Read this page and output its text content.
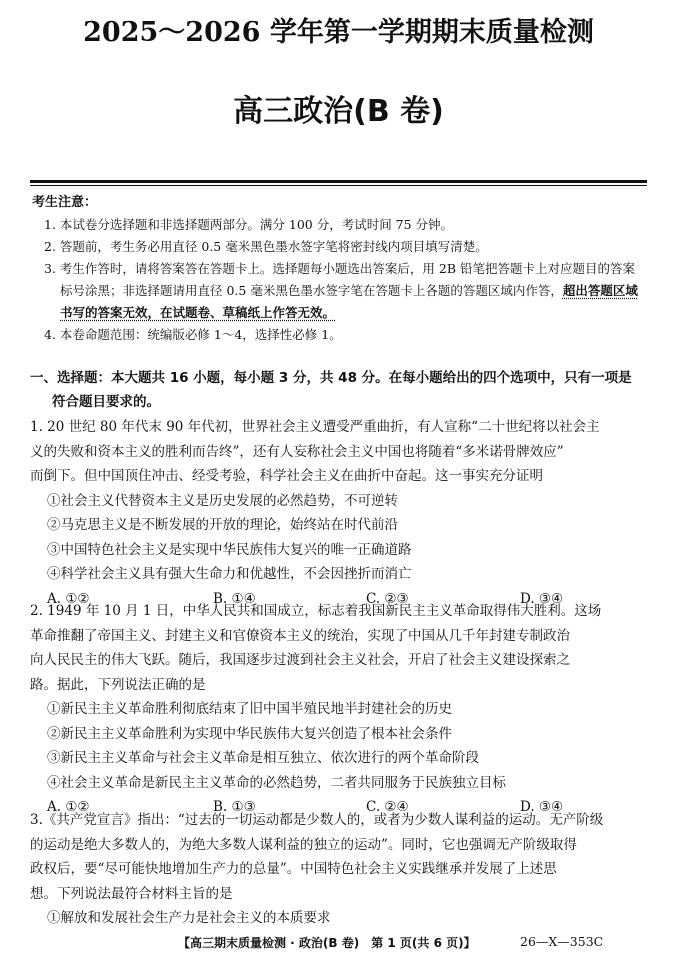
2025～2026 学年第一学期期末质量检测
高三政治(B 卷)
考生注意：
1. 本试卷分选择题和非选择题两部分。满分 100 分，考试时间 75 分钟。
2. 答题前，考生务必用直径 0.5 毫米黑色墨水签字笔将密封线内项目填写清楚。
3. 考生作答时，请将答案答在答题卡上。选择题每小题选出答案后，用 2B 铅笔把答题卡上对应题目的答案标号涂黑；非选择题请用直径 0.5 毫米黑色墨水签字笔在答题卡上各题的答题区域内作答，超出答题区域书写的答案无效，在试题卷、草稿纸上作答无效。
4. 本卷命题范围：统编版必修 1～4，选择性必修 1。
一、选择题：本大题共 16 小题，每小题 3 分，共 48 分。在每小题给出的四个选项中，只有一项是
符合题目要求的。
1. 20 世纪 80 年代末 90 年代初，世界社会主义遭受严重曲折，有人宣称“二十世纪将以社会主
义的失败和资本主义的胜利而告终”，还有人妄称社会主义中国也将随着“多米诺骨牌效应”
而倒下。但中国顶住冲击、经受考验，科学社会主义在曲折中奋起。这一事实充分证明
①社会主义代替资本主义是历史发展的必然趋势，不可逆转
②马克思主义是不断发展的开放的理论，始终站在时代前沿
③中国特色社会主义是实现中华民族伟大复兴的唯一正确道路
④科学社会主义具有强大生命力和优越性，不会因挫折而消亡
A. ①②	B. ①④	C. ②③	D. ③④
2. 1949 年 10 月 1 日，中华人民共和国成立，标志着我国新民主主义革命取得伟大胜利。这场
革命推翻了帝国主义、封建主义和官僚资本主义的统治，实现了中国从几千年封建专制政治
向人民民主的伟大飞跃。随后，我国逐步过渡到社会主义社会，开启了社会主义建设探索之
路。据此，下列说法正确的是
①新民主主义革命胜利彻底结束了旧中国半殖民地半封建社会的历史
②新民主主义革命胜利为实现中华民族伟大复兴创造了根本社会条件
③新民主主义革命与社会主义革命是相互独立、依次进行的两个革命阶段
④社会主义革命是新民主主义革命的必然趋势，二者共同服务于民族独立目标
A. ①②	B. ①③	C. ②④	D. ③④
3.《共产党宣言》指出：“过去的一切运动都是少数人的，或者为少数人谋利益的运动。无产阶级
的运动是绝大多数人的，为绝大多数人谋利益的独立的运动”。同时，它也强调无产阶级取得
政权后，要“尽可能快地增加生产力的总量”。中国特色社会主义实践继承并发展了上述思
想。下列说法最符合材料主旨的是
①解放和发展社会生产力是社会主义的本质要求
【高三期末质量检测 · 政治(B 卷)　第 1 页(共 6 页)】	26—X—353C
